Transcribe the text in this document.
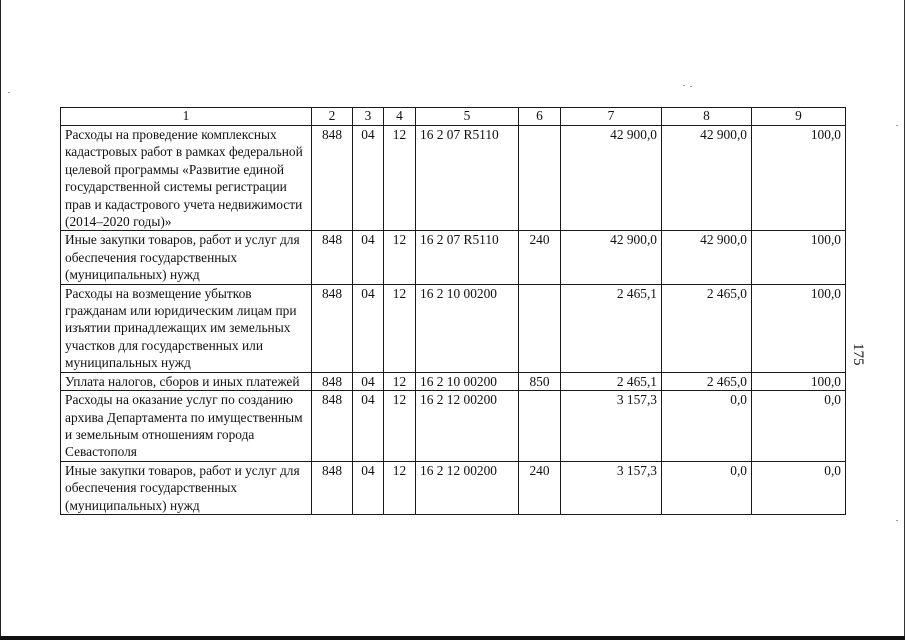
1	2	3	4	5	6	7	8	9
Расходы на проведение комплексных кадастровых работ в рамках федеральной целевой программы «Развитие единой государственной системы регистрации прав и кадастрового учета недвижимости (2014–2020 годы)»	848	04	12	16 2 07 R5110		42 900,0	42 900,0	100,0
Иные закупки товаров, работ и услуг для обеспечения государственных (муниципальных) нужд	848	04	12	16 2 07 R5110	240	42 900,0	42 900,0	100,0
Расходы на возмещение убытков гражданам или юридическим лицам при изъятии принадлежащих им земельных участков для государственных или муниципальных нужд	848	04	12	16 2 10 00200		2 465,1	2 465,0	100,0
Уплата налогов, сборов и иных платежей	848	04	12	16 2 10 00200	850	2 465,1	2 465,0	100,0
Расходы на оказание услуг по созданию архива Департамента по имущественным и земельным отношениям города Севастополя	848	04	12	16 2 12 00200		3 157,3	0,0	0,0
Иные закупки товаров, работ и услуг для обеспечения государственных (муниципальных) нужд	848	04	12	16 2 12 00200	240	3 157,3	0,0	0,0
175
